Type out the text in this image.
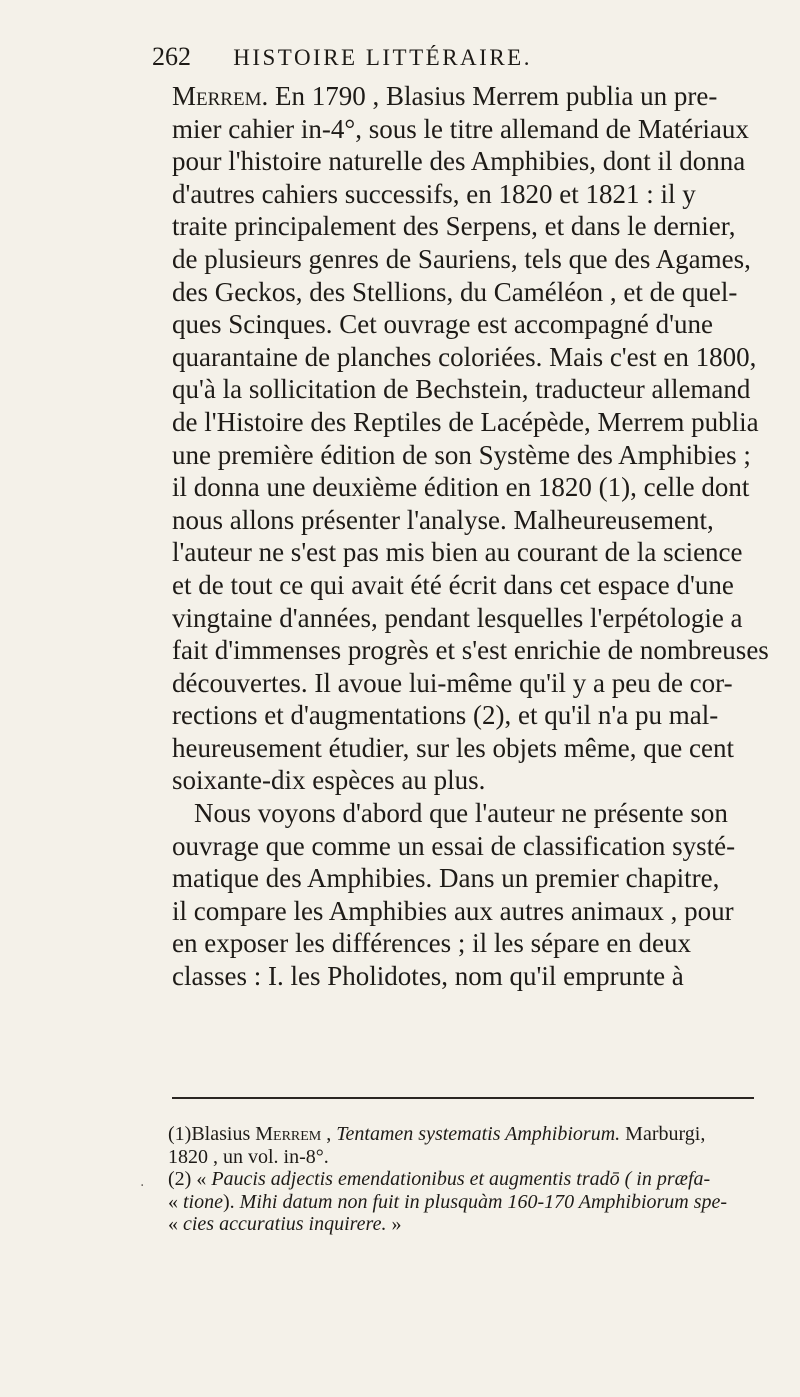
262 HISTOIRE LITTÉRAIRE.
Merrem. En 1790 , Blasius Merrem publia un pre-
mier cahier in-4°, sous le titre allemand de Matériaux
pour l'histoire naturelle des Amphibies, dont il donna
d'autres cahiers successifs, en 1820 et 1821 : il y
traite principalement des Serpens, et dans le dernier,
de plusieurs genres de Sauriens, tels que des Agames,
des Geckos, des Stellions, du Caméléon , et de quel-
ques Scinques. Cet ouvrage est accompagné d'une
quarantaine de planches coloriées. Mais c'est en 1800,
qu'à la sollicitation de Bechstein, traducteur allemand
de l'Histoire des Reptiles de Lacépède, Merrem publia
une première édition de son Système des Amphibies ;
il donna une deuxième édition en 1820 (1), celle dont
nous allons présenter l'analyse. Malheureusement,
l'auteur ne s'est pas mis bien au courant de la science
et de tout ce qui avait été écrit dans cet espace d'une
vingtaine d'années, pendant lesquelles l'erpétologie a
fait d'immenses progrès et s'est enrichie de nombreuses
découvertes. Il avoue lui-même qu'il y a peu de cor-
rections et d'augmentations (2), et qu'il n'a pu mal-
heureusement étudier, sur les objets même, que cent
soixante-dix espèces au plus.
Nous voyons d'abord que l'auteur ne présente son
ouvrage que comme un essai de classification systé-
matique des Amphibies. Dans un premier chapitre,
il compare les Amphibies aux autres animaux , pour
en exposer les différences ; il les sépare en deux
classes : I. les Pholidotes, nom qu'il emprunte à
(1)Blasius Merrem , Tentamen systematis Amphibiorum. Marburgi,
1820 , un vol. in-8°.
(2) « Paucis adjectis emendationibus et augmentis tradō ( in præfa-
« tione). Mihi datum non fuit in plusquàm 160-170 Amphibiorum spe-
« cies accuratius inquirere. »
·
